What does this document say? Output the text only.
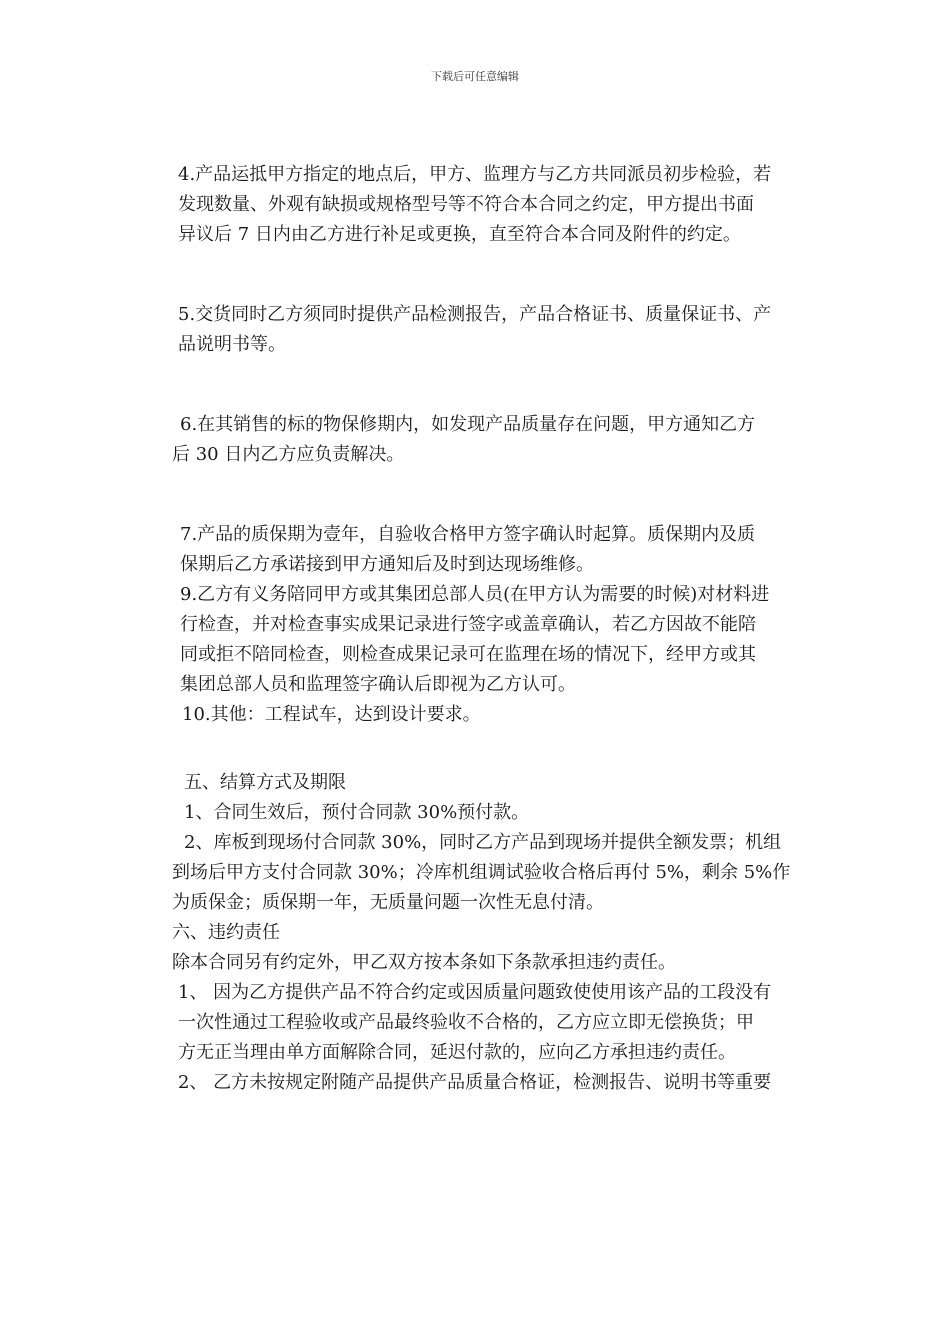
下载后可任意编辑
4.产品运抵甲方指定的地点后，甲方、监理方与乙方共同派员初步检验，若
发现数量、外观有缺损或规格型号等不符合本合同之约定，甲方提出书面
异议后 7 日内由乙方进行补足或更换，直至符合本合同及附件的约定。
5.交货同时乙方须同时提供产品检测报告，产品合格证书、质量保证书、产
品说明书等。
6.在其销售的标的物保修期内，如发现产品质量存在问题，甲方通知乙方
后 30 日内乙方应负责解决。
7.产品的质保期为壹年，自验收合格甲方签字确认时起算。质保期内及质
保期后乙方承诺接到甲方通知后及时到达现场维修。
9.乙方有义务陪同甲方或其集团总部人员(在甲方认为需要的时候)对材料进
行检查，并对检查事实成果记录进行签字或盖章确认，若乙方因故不能陪
同或拒不陪同检查，则检查成果记录可在监理在场的情况下，经甲方或其
集团总部人员和监理签字确认后即视为乙方认可。
10.其他：工程试车，达到设计要求。
五、结算方式及期限
1、合同生效后，预付合同款 30%预付款。
2、库板到现场付合同款 30%，同时乙方产品到现场并提供全额发票；机组
到场后甲方支付合同款 30%；冷库机组调试验收合格后再付 5%，剩余 5%作
为质保金；质保期一年，无质量问题一次性无息付清。
六、违约责任
除本合同另有约定外，甲乙双方按本条如下条款承担违约责任。
1、 因为乙方提供产品不符合约定或因质量问题致使使用该产品的工段没有
一次性通过工程验收或产品最终验收不合格的，乙方应立即无偿换货；甲
方无正当理由单方面解除合同，延迟付款的，应向乙方承担违约责任。
2、 乙方未按规定附随产品提供产品质量合格证，检测报告、说明书等重要
